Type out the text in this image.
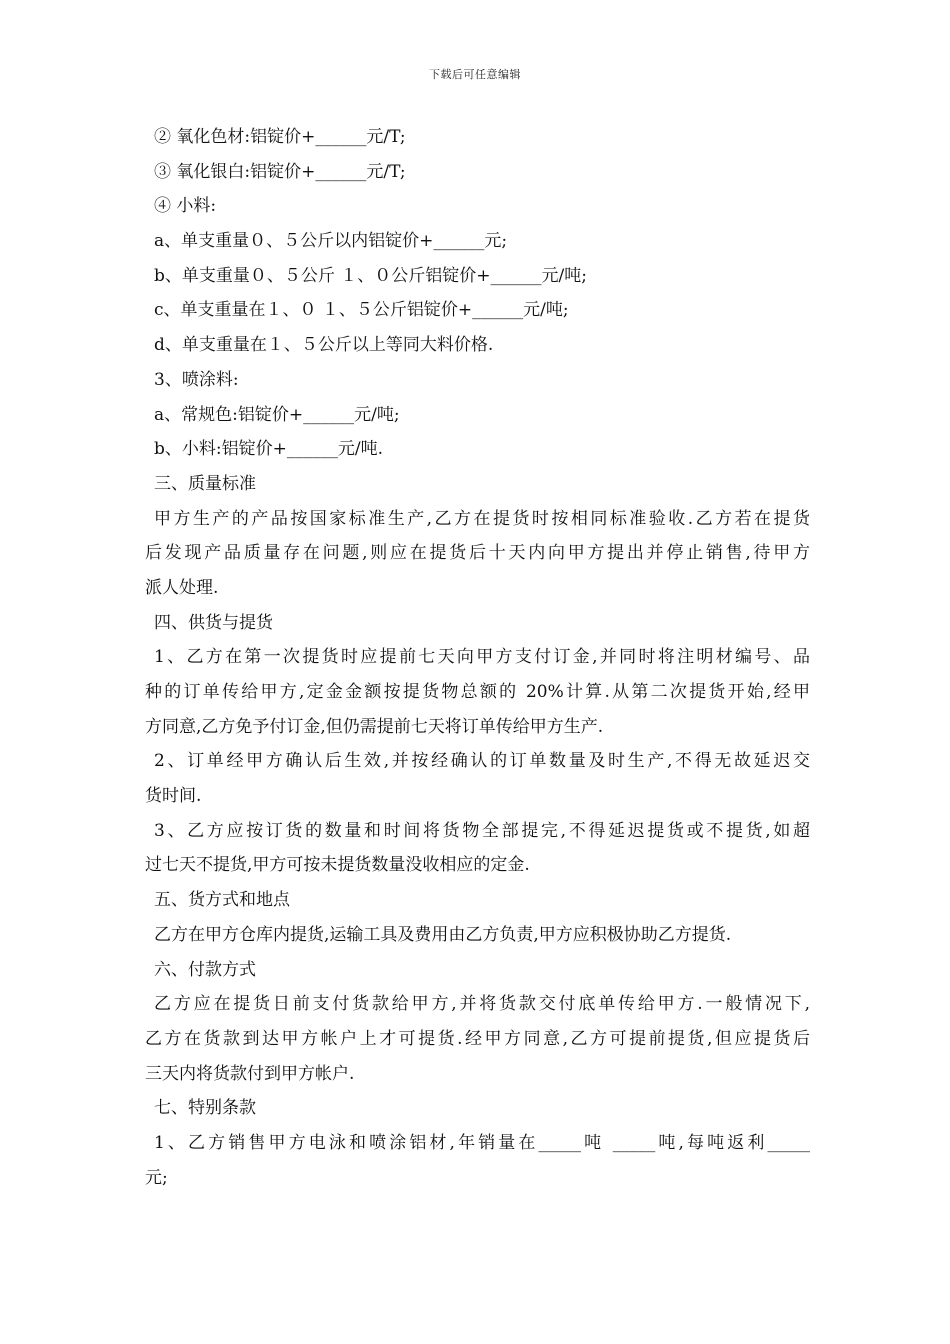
下载后可任意编辑
② 氧化色材:铝锭价+______元/T;
③ 氧化银白:铝锭价+______元/T;
④ 小料:
a、单支重量０、５公斤以内铝锭价+______元;
b、单支重量０、５公斤 １、０公斤铝锭价+______元/吨;
c、单支重量在１、０ １、５公斤铝锭价+______元/吨;
d、单支重量在１、５公斤以上等同大料价格.
3、喷涂料:
a、常规色:铝锭价+______元/吨;
b、小料:铝锭价+______元/吨.
三、质量标准
甲方生产的产品按国家标准生产,乙方在提货时按相同标准验收.乙方若在提货
后发现产品质量存在问题,则应在提货后十天内向甲方提出并停止销售,待甲方
派人处理.
四、供货与提货
1、乙方在第一次提货时应提前七天向甲方支付订金,并同时将注明材编号、品
种的订单传给甲方,定金金额按提货物总额的 20%计算.从第二次提货开始,经甲
方同意,乙方免予付订金,但仍需提前七天将订单传给甲方生产.
2、订单经甲方确认后生效,并按经确认的订单数量及时生产,不得无故延迟交
货时间.
3、乙方应按订货的数量和时间将货物全部提完,不得延迟提货或不提货,如超
过七天不提货,甲方可按未提货数量没收相应的定金.
五、货方式和地点
乙方在甲方仓库内提货,运输工具及费用由乙方负责,甲方应积极协助乙方提货.
六、付款方式
乙方应在提货日前支付货款给甲方,并将货款交付底单传给甲方.一般情况下,
乙方在货款到达甲方帐户上才可提货.经甲方同意,乙方可提前提货,但应提货后
三天内将货款付到甲方帐户.
七、特别条款
1、乙方销售甲方电泳和喷涂铝材,年销量在_____吨 _____吨,每吨返利_____
元;
